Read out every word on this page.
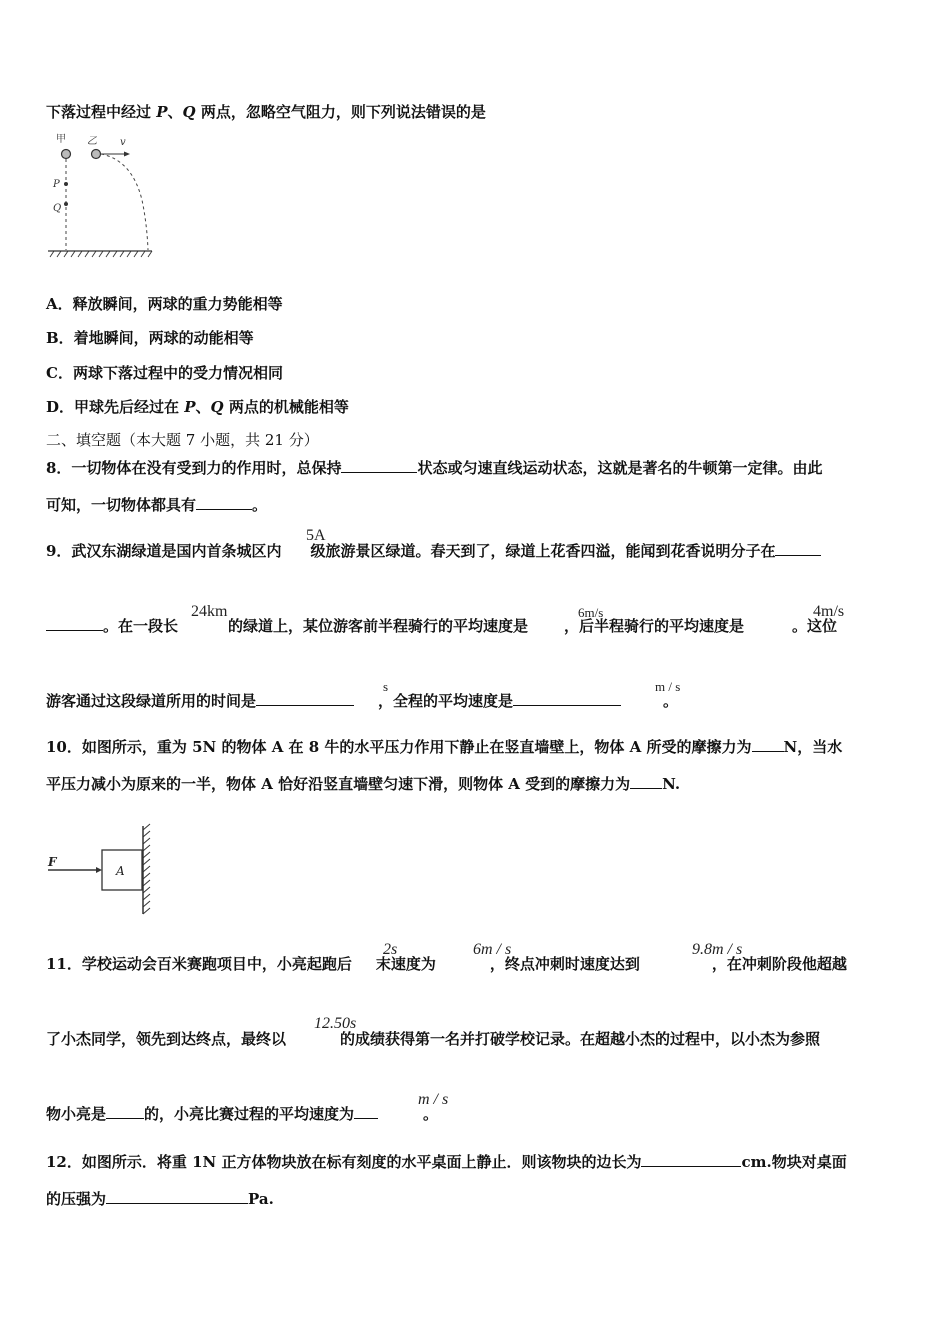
下落过程中经过 P、Q 两点，忽略空气阻力，则下列说法错误的是
甲 乙 v
P
Q
A．释放瞬间，两球的重力势能相等
B．着地瞬间，两球的动能相等
C．两球下落过程中的受力情况相同
D．甲球先后经过在 P、Q 两点的机械能相等
二、填空题（本大题 7 小题，共 21 分）
8．一切物体在没有受到力的作用时，总保持	状态或匀速直线运动状态，这就是著名的牛顿第一定律。由此
可知，一切物体都具有	。
9．武汉东湖绿道是国内首条城区内 级旅游景区绿道。春天到了，绿道上花香四溢，能闻到花香说明分子在
5A
。在一段长	的绿道上，某位游客前半程骑行的平均速度是 ，后半程骑行的平均速度是	。这位
24km	6m/s	4m/s
游客通过这段绿道所用的时间是	，全程的平均速度是	。
s	m / s
10．如图所示，重为 5N 的物体 A 在 8 牛的水平压力作用下静止在竖直墙壁上，物体 A 所受的摩擦力为 N，当水
平压力减小为原来的一半，物体 A 恰好沿竖直墙壁匀速下滑，则物体 A 受到的摩擦力为 N.
F
A
11．学校运动会百米赛跑项目中，小亮起跑后 末速度为	，终点冲刺时速度达到	，在冲刺阶段他超越
2s	6m / s	9.8m / s
了小杰同学，领先到达终点，最终以	的成绩获得第一名并打破学校记录。在超越小杰的过程中，以小杰为参照
12.50s
物小亮是	的，小亮比赛过程的平均速度为	。
m / s
12．如图所示．将重 1N 正方体物块放在标有刻度的水平桌面上静止．则该物块的边长为	cm.物块对桌面
的压强为	Pa.
